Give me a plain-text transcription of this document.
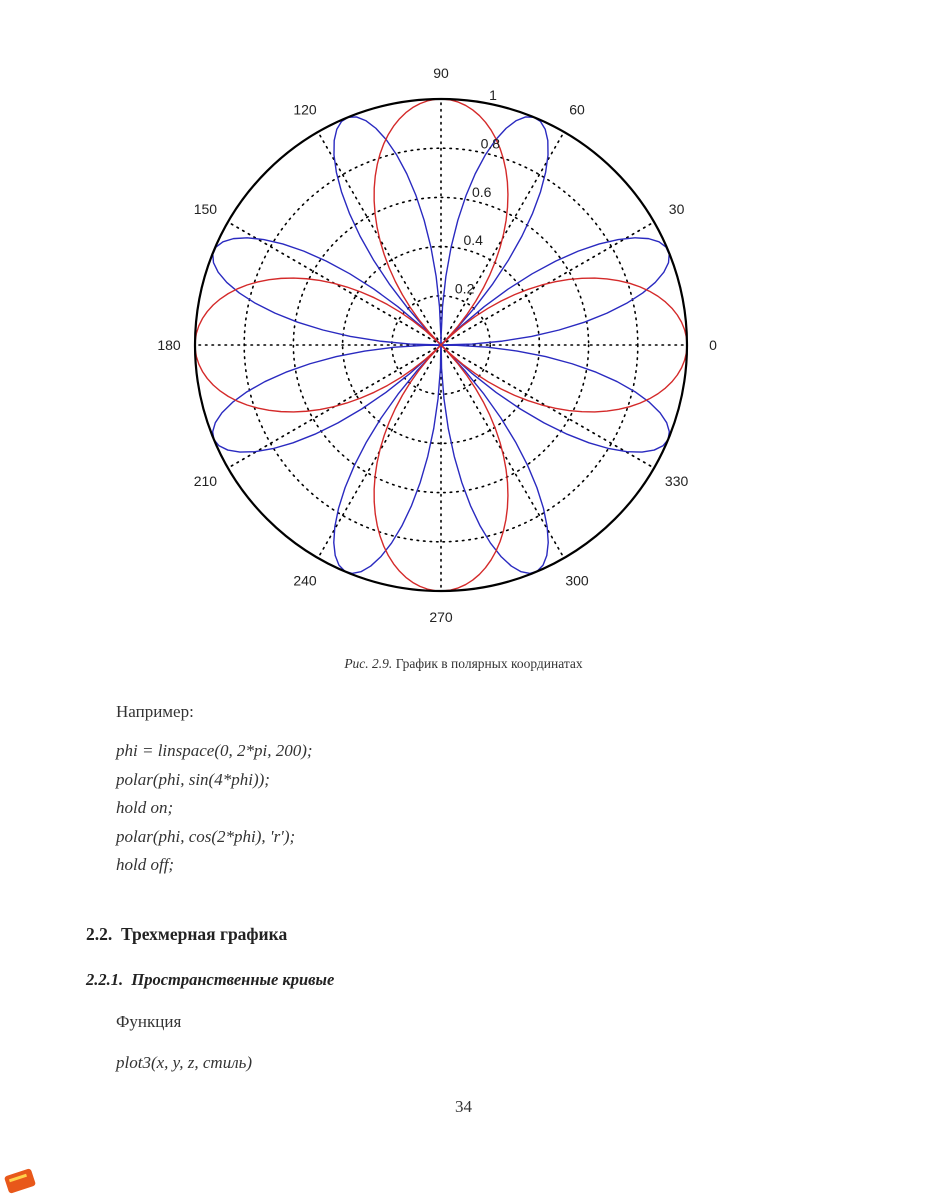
0
30
60
90
120
150
180
210
240
270
300
330
0.2
0.4
0.6
0.8
1
Рис. 2.9. График в полярных координатах
Например:
phi = linspace(0, 2*pi, 200);
polar(phi, sin(4*phi));
hold on;
polar(phi, cos(2*phi), 'r');
hold off;
2.2.  Трехмерная графика
2.2.1.  Пространственные кривые
Функция
plot3(x, y, z, стиль)
34
